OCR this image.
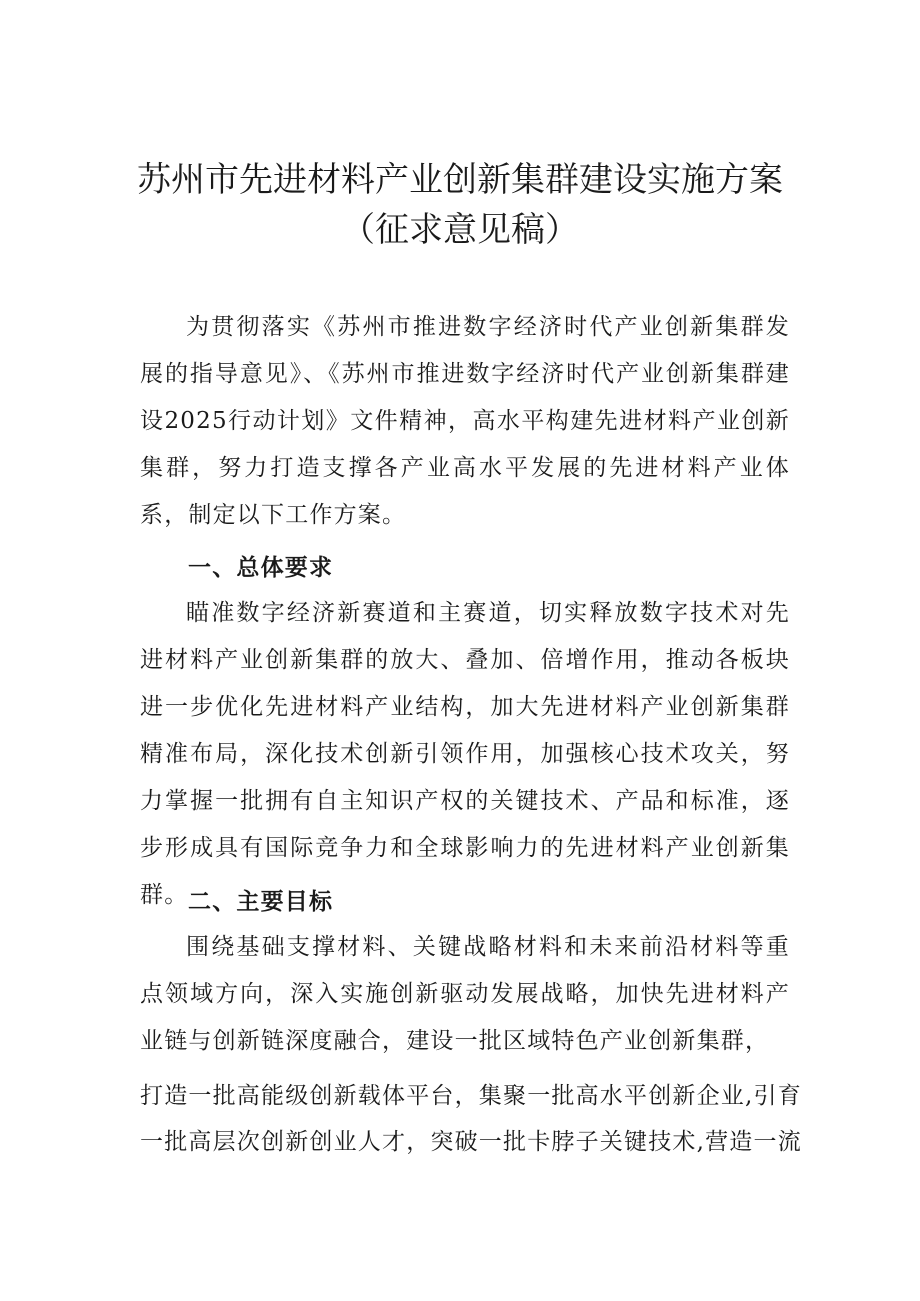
苏州市先进材料产业创新集群建设实施方案
（征求意见稿）

为贯彻落实《苏州市推进数字经济时代产业创新集群发展的指导意见》、《苏州市推进数字经济时代产业创新集群建设2025行动计划》文件精神，高水平构建先进材料产业创新集群，努力打造支撑各产业高水平发展的先进材料产业体系，制定以下工作方案。

一、总体要求

瞄准数字经济新赛道和主赛道，切实释放数字技术对先进材料产业创新集群的放大、叠加、倍增作用，推动各板块进一步优化先进材料产业结构，加大先进材料产业创新集群精准布局，深化技术创新引领作用，加强核心技术攻关，努力掌握一批拥有自主知识产权的关键技术、产品和标准，逐步形成具有国际竞争力和全球影响力的先进材料产业创新集群。 二、主要目标

围绕基础支撑材料、关键战略材料和未来前沿材料等重点领域方向，深入实施创新驱动发展战略，加快先进材料产业链与创新链深度融合，建设一批区域特色产业创新集群，

打造一批高能级创新载体平台，集聚一批高水平创新企业,引育

一批高层次创新创业人才，突破一批卡脖子关键技术,营造一流
